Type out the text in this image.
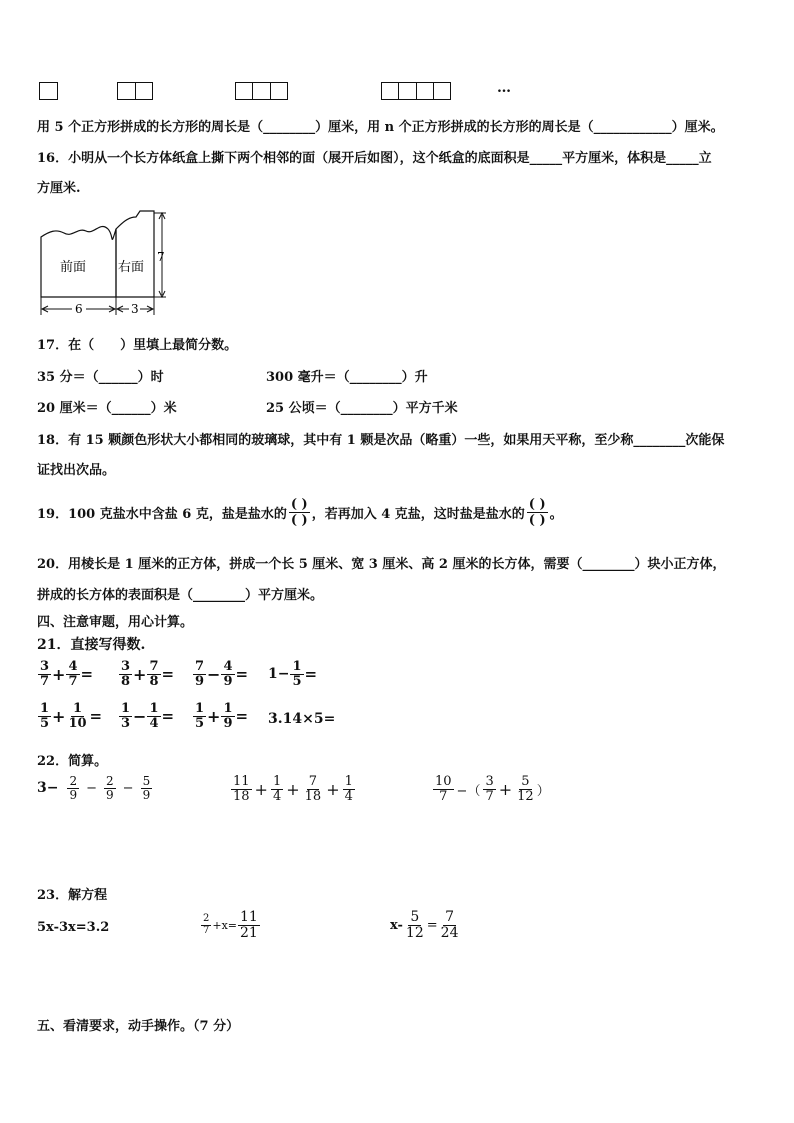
…
用 5 个正方形拼成的长方形的周长是（________）厘米，用 n 个正方形拼成的长方形的周长是（____________）厘米。
16．小明从一个长方体纸盒上撕下两个相邻的面（展开后如图），这个纸盒的底面积是_____平方厘米，体积是_____立
方厘米.
前面 右面
7
6	3
17．在（　　）里填上最简分数。
35 分＝（______）时	300 毫升＝（________）升
20 厘米＝（______）米	25 公顷＝（________）平方千米
18．有 15 颗颜色形状大小都相同的玻璃球，其中有 1 颗是次品（略重）一些，如果用天平称，至少称________次能保
证找出次品。
19．100 克盐水中含盐 6 克，盐是盐水的 $\frac{( )}{( )}$ ，若再加入 4 克盐，这时盐是盐水的 $\frac{( )}{( )}$ 。
20．用棱长是 1 厘米的正方体，拼成一个长 5 厘米、宽 3 厘米、高 2 厘米的长方体，需要（________）块小正方体，
拼成的长方体的表面积是（________）平方厘米。
四、注意审题，用心计算。
21．直接写得数.
$\frac{3}{7} + \frac{4}{7} = \frac{3}{8} + \frac{7}{8} = \frac{7}{9} - \frac{4}{9} = 1- \frac{1}{5}$ =
$\frac{1}{5} + \frac{1}{10} = \frac{1}{3} - \frac{1}{4} = \frac{1}{5} + \frac{1}{9} = 3.14\times 5=$
22．简算。
$3- \frac{2}{9} - \frac{2}{9} - \frac{5}{9}$	$\frac{11}{18} + \frac{1}{4} + \frac{7}{18} + \frac{1}{4}$	$\frac{10}{7}$ −（ $\frac{3}{7} + \frac{5}{12}$ ）
23．解方程
5x-3x=3.2	$\frac{2}{7} +x= \frac{11}{21}$	$x- \frac{5}{12} = \frac{7}{24}$
五、看清要求，动手操作。（7 分）
